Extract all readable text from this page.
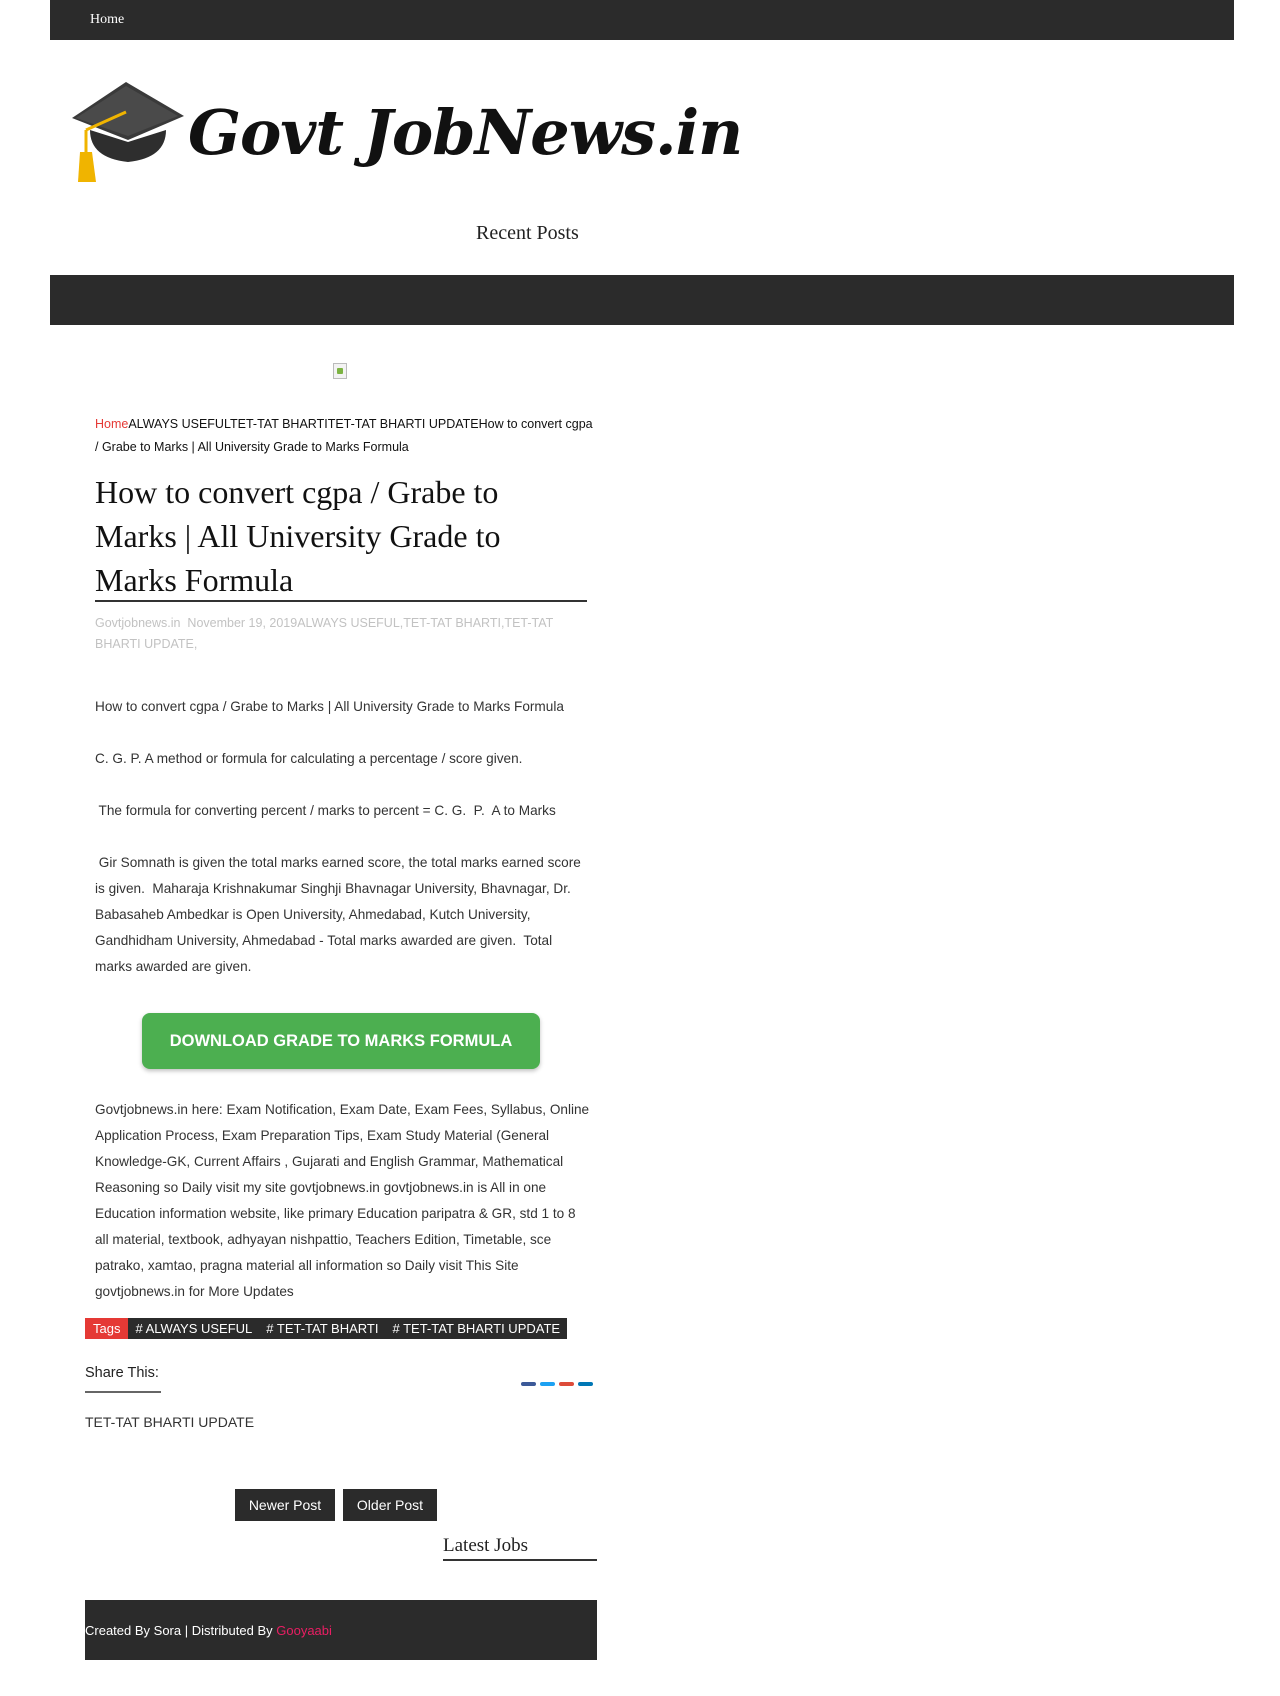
Home
Govt JobNews.in
Recent Posts
HomeALWAYS USEFULTET-TAT BHARTITET-TAT BHARTI UPDATEHow to convert cgpa / Grabe to Marks | All University Grade to Marks Formula
How to convert cgpa / Grabe to Marks | All University Grade to Marks Formula
Govtjobnews.in November 19, 2019ALWAYS USEFUL,TET-TAT BHARTI,TET-TAT BHARTI UPDATE,

How to convert cgpa / Grabe to Marks | All University Grade to Marks Formula

C. G. P. A method or formula for calculating a percentage / score given.

The formula for converting percent / marks to percent = C. G.  P.  A to Marks

Gir Somnath is given the total marks earned score, the total marks earned score is given.  Maharaja Krishnakumar Singhji Bhavnagar University, Bhavnagar, Dr.  Babasaheb Ambedkar is Open University, Ahmedabad, Kutch University, Gandhidham University, Ahmedabad - Total marks awarded are given.  Total marks awarded are given.

DOWNLOAD GRADE TO MARKS FORMULA

Govtjobnews.in here: Exam Notification, Exam Date, Exam Fees, Syllabus, Online Application Process, Exam Preparation Tips, Exam Study Material (General Knowledge-GK, Current Affairs , Gujarati and English Grammar, Mathematical Reasoning so Daily visit my site govtjobnews.in govtjobnews.in is All in one Education information website, like primary Education paripatra & GR, std 1 to 8 all material, textbook, adhyayan nishpattio, Teachers Edition, Timetable, sce patrako, xamtao, pragna material all information so Daily visit This Site govtjobnews.in for More Updates

Tags # ALWAYS USEFUL # TET-TAT BHARTI # TET-TAT BHARTI UPDATE
Share This:
TET-TAT BHARTI UPDATE
Newer Post	Older Post
Latest Jobs
Created By Sora | Distributed By Gooyaabi
